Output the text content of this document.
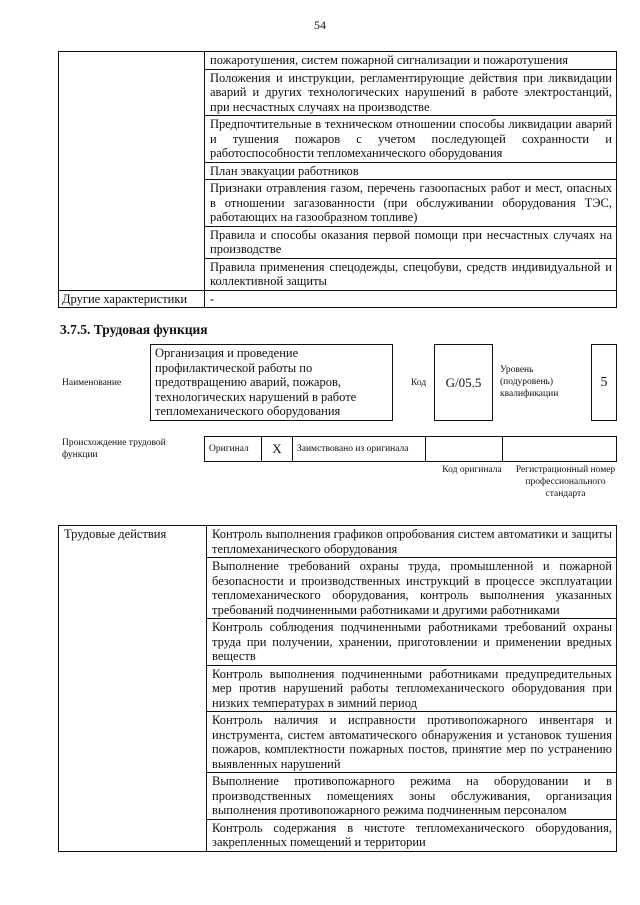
54
	пожаротушения, систем пожарной сигнализации и пожаротушения
	Положения и инструкции, регламентирующие действия при ликвидации аварий и других технологических нарушений в работе электростанций, при несчастных случаях на производстве
	Предпочтительные в техническом отношении способы ликвидации аварий и тушения пожаров с учетом последующей сохранности и работоспособности тепломеханического оборудования
	План эвакуации работников
	Признаки отравления газом, перечень газоопасных работ и мест, опасных в отношении загазованности (при обслуживании оборудования ТЭС, работающих на газообразном топливе)
	Правила и способы оказания первой помощи при несчастных случаях на производстве
	Правила применения спецодежды, спецобуви, средств индивидуальной и коллективной защиты
Другие характеристики	-
3.7.5. Трудовая функция
Наименование
Организация и проведение профилактической работы по предотвращению аварий, пожаров, технологических нарушений в работе тепломеханического оборудования
Код	G/05.5
Уровень (подуровень) квалификации
5
Происхождение трудовой функции
Оригинал	X	Заимствовано из оригинала		
Код оригинала	Регистрационный номер профессионального стандарта
Трудовые действия	Контроль выполнения графиков опробования систем автоматики и защиты тепломеханического оборудования
Выполнение требований охраны труда, промышленной и пожарной безопасности и производственных инструкций в процессе эксплуатации тепломеханического оборудования, контроль выполнения указанных требований подчиненными работниками и другими работниками
Контроль соблюдения подчиненными работниками требований охраны труда при получении, хранении, приготовлении и применении вредных веществ
Контроль выполнения подчиненными работниками предупредительных мер против нарушений работы тепломеханического оборудования при низких температурах в зимний период
Контроль наличия и исправности противопожарного инвентаря и инструмента, систем автоматического обнаружения и установок тушения пожаров, комплектности пожарных постов, принятие мер по устранению выявленных нарушений
Выполнение противопожарного режима на оборудовании и в производственных помещениях зоны обслуживания, организация выполнения противопожарного режима подчиненным персоналом
Контроль содержания в чистоте тепломеханического оборудования, закрепленных помещений и территории
